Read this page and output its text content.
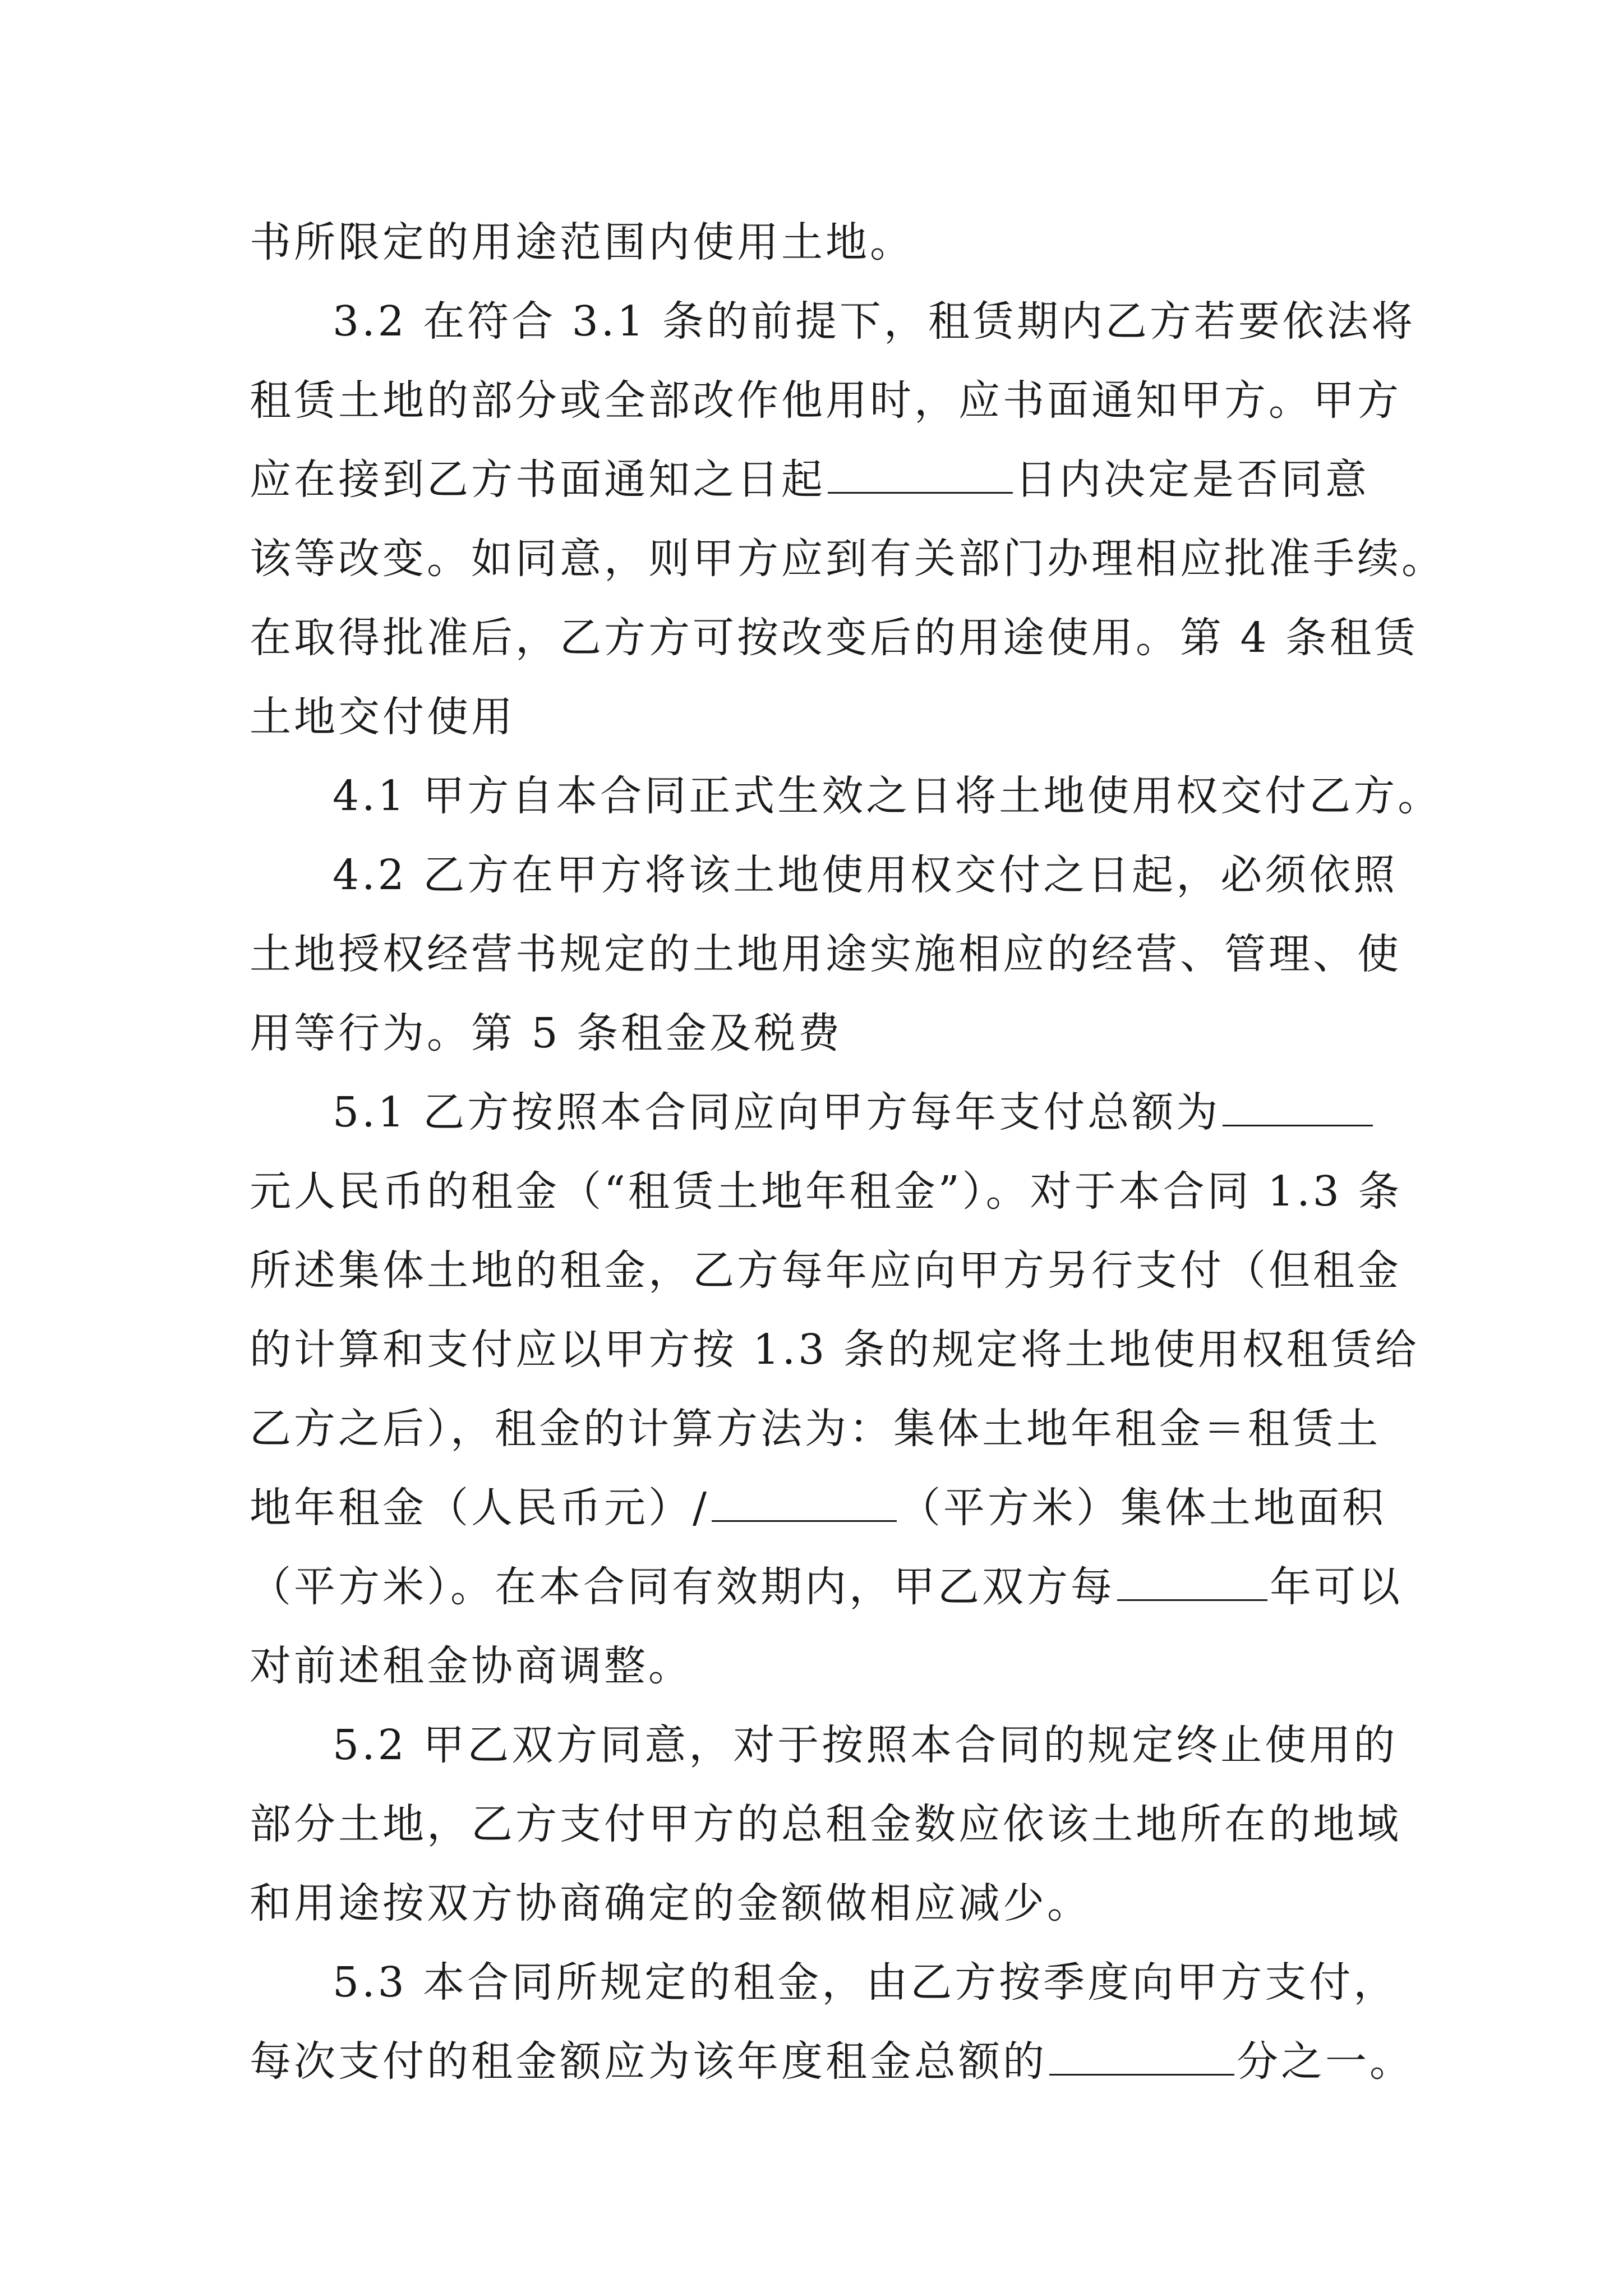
书所限定的用途范围内使用土地。
3.2 在符合 3.1 条的前提下，租赁期内乙方若要依法将
租赁土地的部分或全部改作他用时，应书面通知甲方。甲方
应在接到乙方书面通知之日起	日内决定是否同意
该等改变。如同意，则甲方应到有关部门办理相应批准手续。
在取得批准后，乙方方可按改变后的用途使用。第 4 条租赁
土地交付使用
4.1 甲方自本合同正式生效之日将土地使用权交付乙方。
4.2 乙方在甲方将该土地使用权交付之日起，必须依照
土地授权经营书规定的土地用途实施相应的经营、管理、使
用等行为。第 5 条租金及税费
5.1 乙方按照本合同应向甲方每年支付总额为
元人民币的租金（“租赁土地年租金”）。对于本合同 1.3 条
所述集体土地的租金，乙方每年应向甲方另行支付（但租金
的计算和支付应以甲方按 1.3 条的规定将土地使用权租赁给
乙方之后），租金的计算方法为：集体土地年租金＝租赁土
地年租金（人民币元）/	（平方米）集体土地面积
（平方米）。在本合同有效期内，甲乙双方每	年可以
对前述租金协商调整。
5.2 甲乙双方同意，对于按照本合同的规定终止使用的
部分土地，乙方支付甲方的总租金数应依该土地所在的地域
和用途按双方协商确定的金额做相应减少。
5.3 本合同所规定的租金，由乙方按季度向甲方支付，
每次支付的租金额应为该年度租金总额的	分之一。
